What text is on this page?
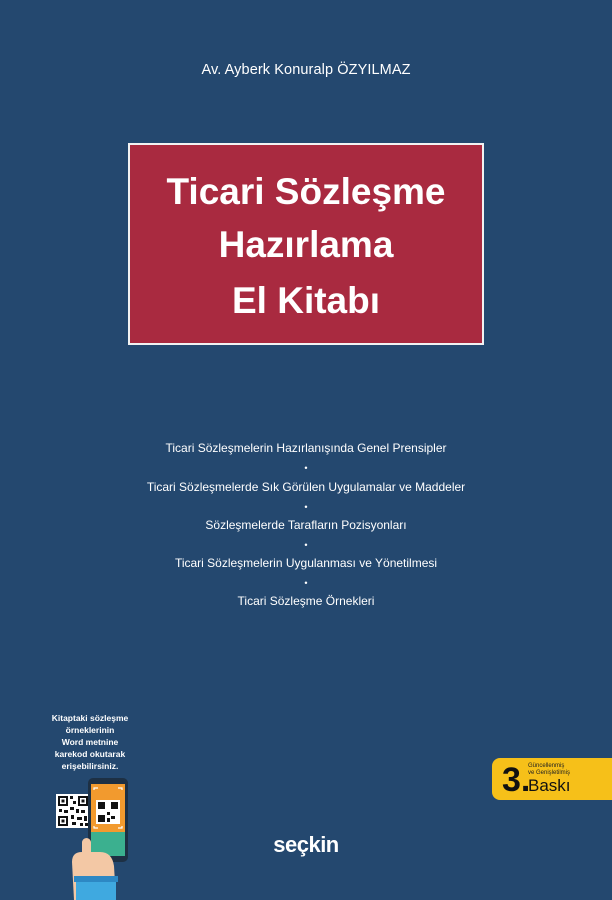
Av. Ayberk Konuralp ÖZYILMAZ
Ticari Sözleşme
Hazırlama
El Kitabı
Ticari Sözleşmelerin Hazırlanışında Genel Prensipler
•
Ticari Sözleşmelerde Sık Görülen Uygulamalar ve Maddeler
•
Sözleşmelerde Tarafların Pozisyonları
•
Ticari Sözleşmelerin Uygulanması ve Yönetilmesi
•
Ticari Sözleşme Örnekleri
Kitaptaki sözleşme
örneklerinin
Word metnine
karekod okutarak
erişebilirsiniz.	3.
Güncellenmiş
ve Genişletilmiş
Baskı
seçkin
